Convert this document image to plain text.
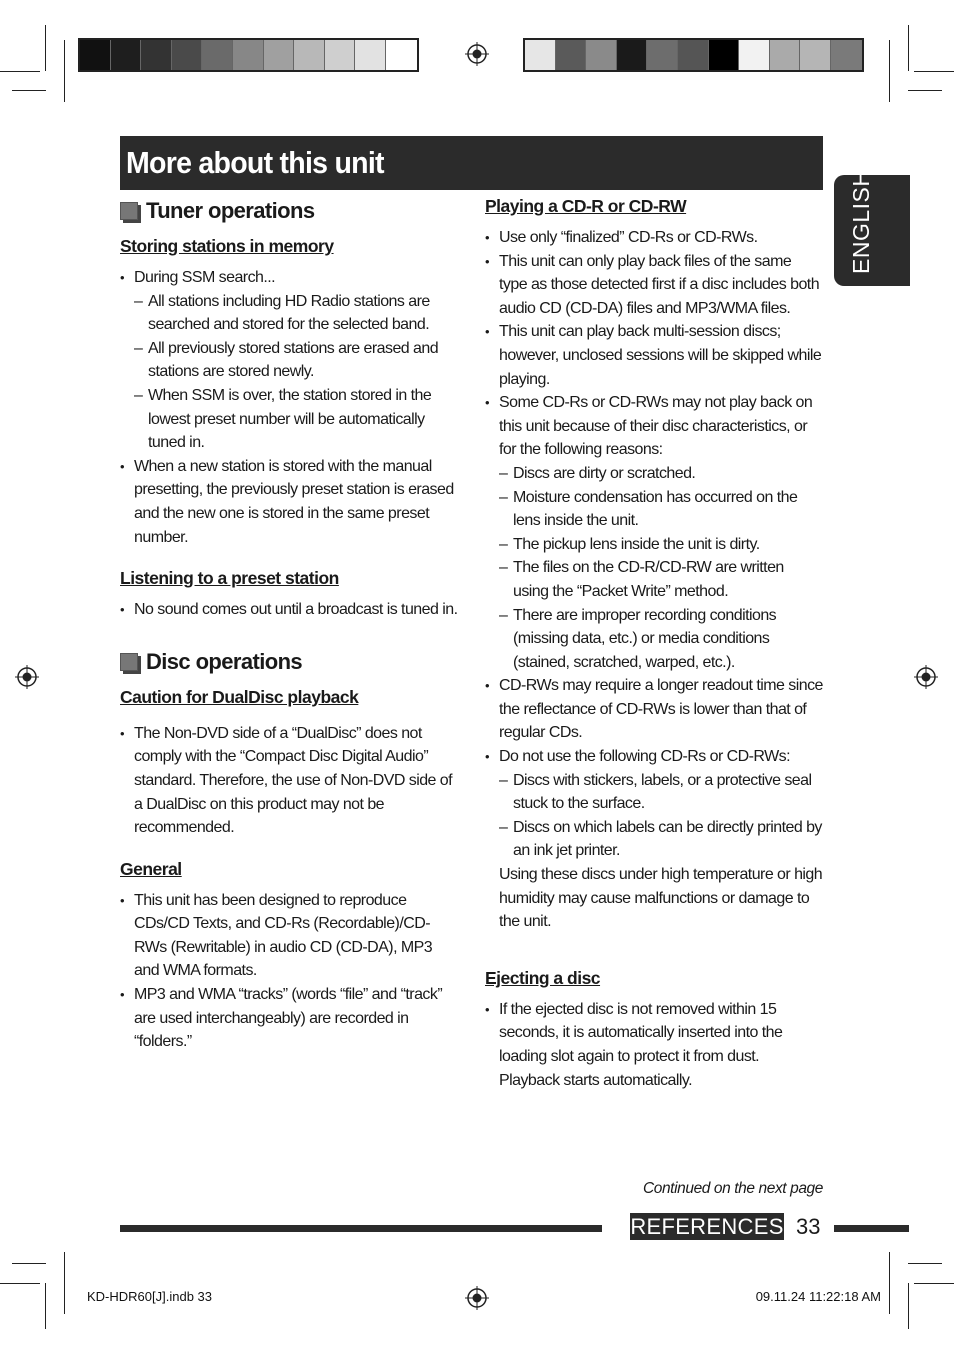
More about this unit
ENGLISH
Tuner operations
Storing stations in memory
• During SSM search...
– All stations including HD Radio stations are searched and stored for the selected band.
– All previously stored stations are erased and stations are stored newly.
– When SSM is over, the station stored in the lowest preset number will be automatically tuned in.
• When a new station is stored with the manual presetting, the previously preset station is erased and the new one is stored in the same preset number.
Listening to a preset station
• No sound comes out until a broadcast is tuned in.
Disc operations
Caution for DualDisc playback
• The Non-DVD side of a “DualDisc” does not comply with the “Compact Disc Digital Audio” standard. Therefore, the use of Non-DVD side of a DualDisc on this product may not be recommended.
General
• This unit has been designed to reproduce CDs/CD Texts, and CD-Rs (Recordable)/CD-RWs (Rewritable) in audio CD (CD-DA), MP3 and WMA formats.
• MP3 and WMA “tracks” (words “file” and “track” are used interchangeably) are recorded in “folders.”
Playing a CD-R or CD-RW
• Use only “finalized” CD-Rs or CD-RWs.
• This unit can only play back files of the same type as those detected first if a disc includes both audio CD (CD-DA) files and MP3/WMA files.
• This unit can play back multi-session discs; however, unclosed sessions will be skipped while playing.
• Some CD-Rs or CD-RWs may not play back on this unit because of their disc characteristics, or for the following reasons:
– Discs are dirty or scratched.
– Moisture condensation has occurred on the lens inside the unit.
– The pickup lens inside the unit is dirty.
– The files on the CD-R/CD-RW are written using the “Packet Write” method.
– There are improper recording conditions (missing data, etc.) or media conditions (stained, scratched, warped, etc.).
• CD-RWs may require a longer readout time since the reflectance of CD-RWs is lower than that of regular CDs.
• Do not use the following CD-Rs or CD-RWs:
– Discs with stickers, labels, or a protective seal stuck to the surface.
– Discs on which labels can be directly printed by an ink jet printer.

Using these discs under high temperature or high humidity may cause malfunctions or damage to the unit.

Ejecting a disc
• If the ejected disc is not removed within 15 seconds, it is automatically inserted into the loading slot again to protect it from dust. Playback starts automatically.
Continued on the next page
REFERENCES 33
KD-HDR60[J].indb 33	09.11.24 11:22:18 AM
